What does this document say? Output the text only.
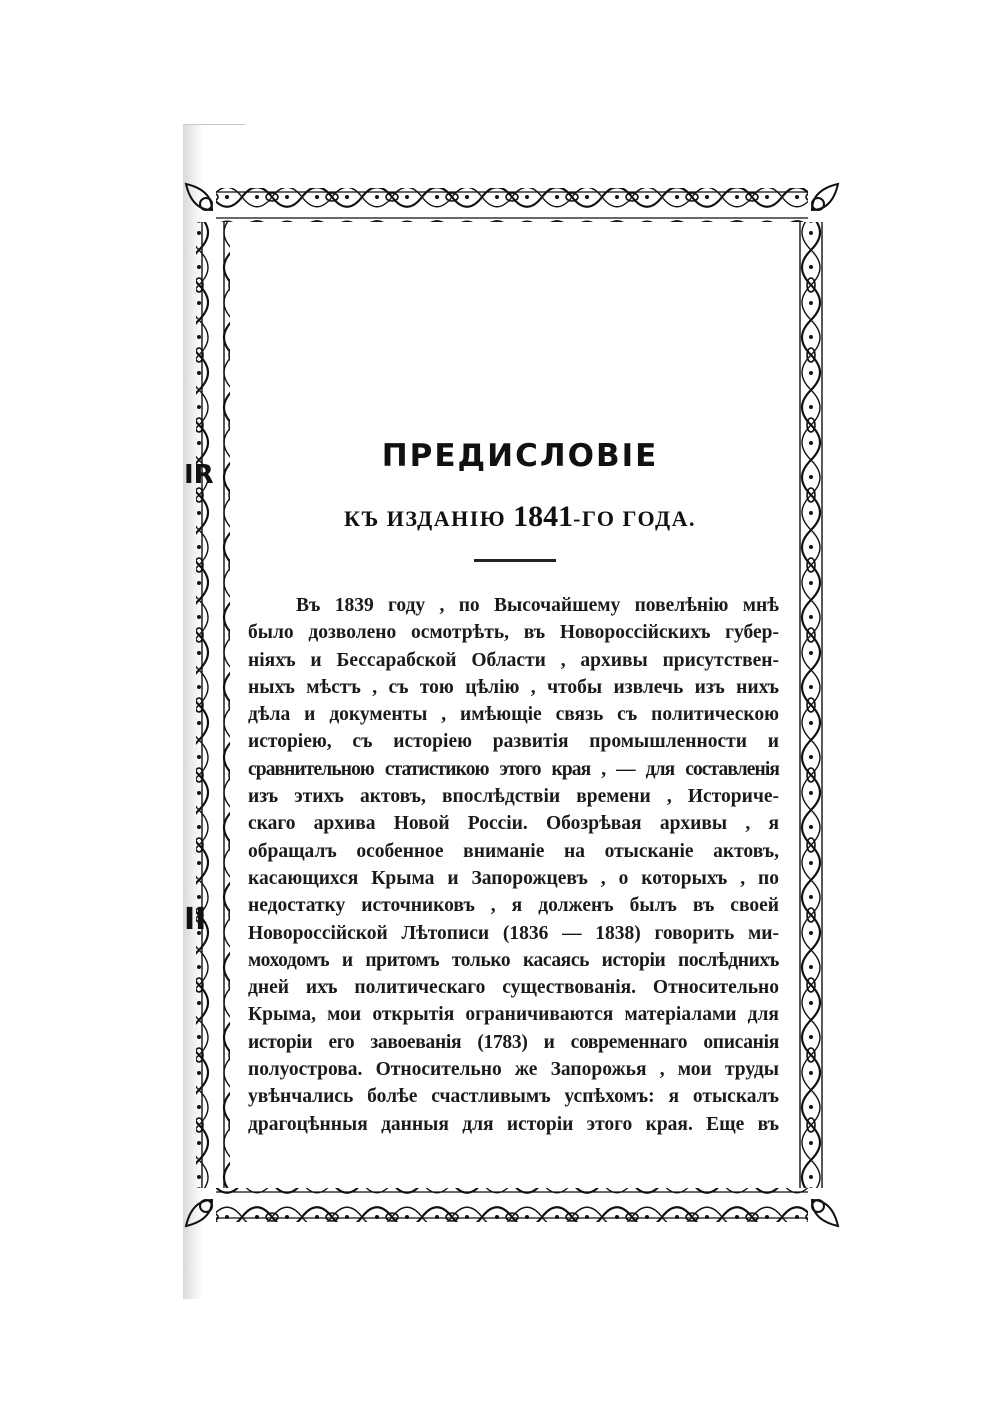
IR
II
ПРЕДИСЛОВІЕ
КЪ ИЗДАНІЮ 1841-ГО ГОДА.
Въ 1839 году , по Высочайшему повелѣнію мнѣ
было дозволено осмотрѣть, въ Новороссійскихъ губер-
ніяхъ и Бессарабской Области , архивы присутствен-
ныхъ мѣстъ , съ тою цѣлію , чтобы извлечь изъ нихъ
дѣла и документы , имѣющіе связь съ политическою
исторіею, съ исторіею развитія промышленности и
сравнительною статистикою этого края , — для составленія
изъ этихъ актовъ, впослѣдствіи времени , Историче-
скаго архива Новой Россіи. Обозрѣвая архивы , я
обращалъ особенное вниманіе на отысканіе актовъ,
касающихся Крыма и Запорожцевъ , о которыхъ , по
недостатку источниковъ , я долженъ былъ въ своей
Новороссійской Лѣтописи (1836 — 1838) говорить ми-
моходомъ и притомъ только касаясь исторіи послѣднихъ
дней ихъ политическаго существованія. Относительно
Крыма, мои открытія ограничиваются матеріалами для
исторіи его завоеванія (1783) и современнаго описанія
полуострова. Относительно же Запорожья , мои труды
увѣнчались болѣе счастливымъ успѣхомъ: я отыскалъ
драгоцѣнныя данныя для исторіи этого края. Еще въ
